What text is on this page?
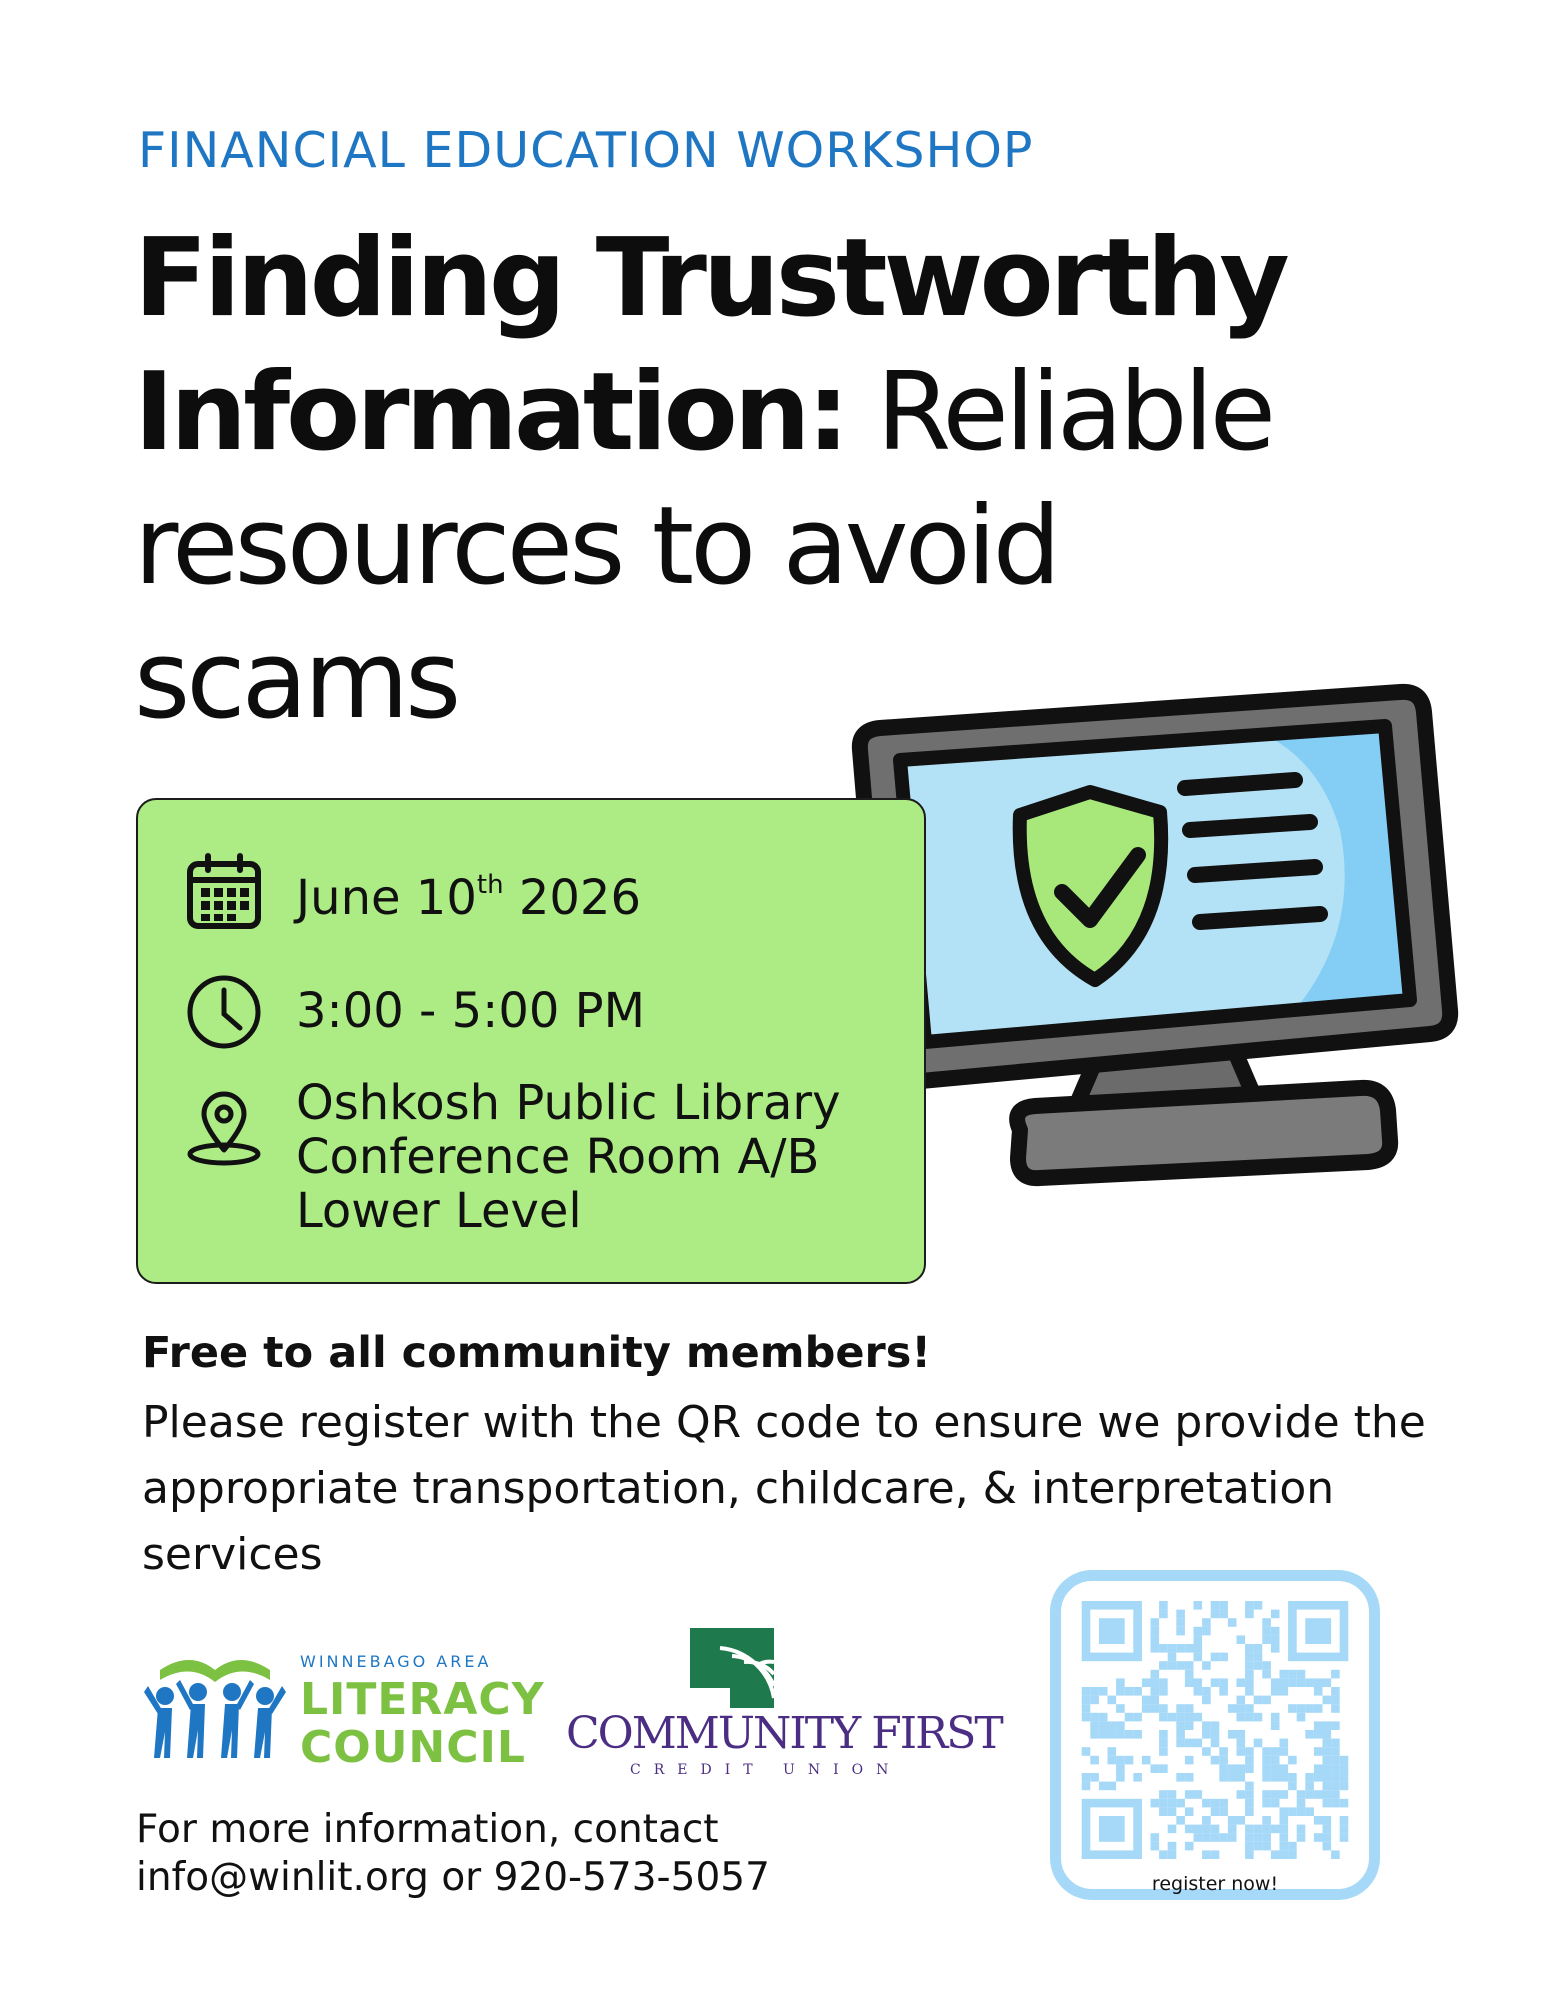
FINANCIAL EDUCATION WORKSHOP
Finding Trustworthy
Information: Reliable
resources to avoid
scams
June 10th 2026
3:00 - 5:00 PM
Oshkosh Public Library
Conference Room A/B
Lower Level
Free to all community members!
Please register with the QR code to ensure we provide the appropriate transportation, childcare, & interpretation services
WINNEBAGO AREA
LITERACY
COUNCIL COMMUNITY FIRST
CREDIT UNION
For more information, contact
info@winlit.org or 920-573-5057	register now!
